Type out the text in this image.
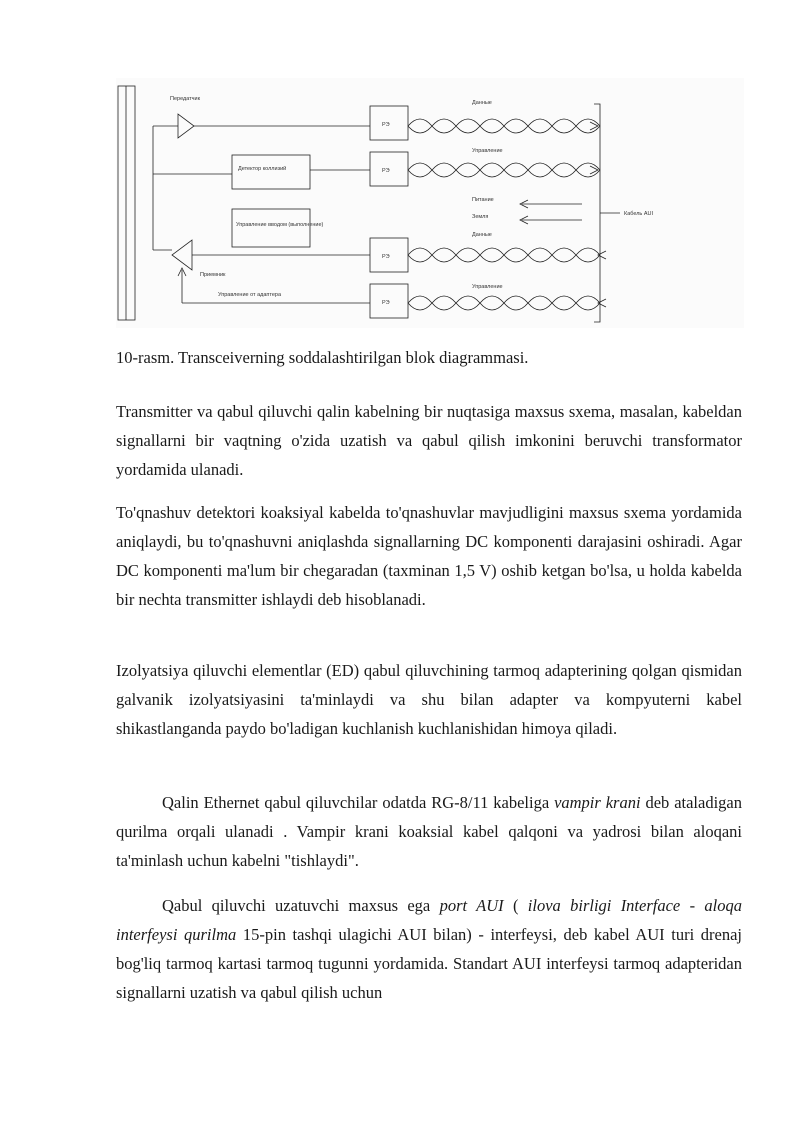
Передатчик
Детектор коллизий
Управление вводом (выполнение)
Приемник
Управление от адаптера
Данные
Управление
Питание
Земля
Данные
Управление
РЭ
РЭ
РЭ
РЭ
Кабель AUI

10-rasm. Transceiverning soddalashtirilgan blok diagrammasi.

Transmitter va qabul qiluvchi qalin kabelning bir nuqtasiga maxsus sxema, masalan, kabeldan signallarni bir vaqtning o'zida uzatish va qabul qilish imkonini beruvchi transformator yordamida ulanadi.

To'qnashuv detektori koaksiyal kabelda to'qnashuvlar mavjudligini maxsus sxema yordamida aniqlaydi, bu to'qnashuvni aniqlashda signallarning DC komponenti darajasini oshiradi. Agar DC komponenti ma'lum bir chegaradan (taxminan 1,5 V) oshib ketgan bo'lsa, u holda kabelda bir nechta transmitter ishlaydi deb hisoblanadi.

Izolyatsiya qiluvchi elementlar (ED) qabul qiluvchining tarmoq adapterining qolgan qismidan galvanik izolyatsiyasini ta'minlaydi va shu bilan adapter va kompyuterni kabel shikastlanganda paydo bo'ladigan kuchlanish kuchlanishidan himoya qiladi.

Qalin Ethernet qabul qiluvchilar odatda RG-8/11 kabeliga vampir krani deb ataladigan qurilma orqali ulanadi . Vampir krani koaksial kabel qalqoni va yadrosi bilan aloqani ta'minlash uchun kabelni "tishlaydi".

Qabul qiluvchi uzatuvchi maxsus ega port AUI ( ilova birligi Interface - aloqa interfeysi qurilma 15-pin tashqi ulagichi AUI bilan) - interfeysi, deb kabel AUI turi drenaj bog'liq tarmoq kartasi tarmoq tugunni yordamida. Standart AUI interfeysi tarmoq adapteridan signallarni uzatish va qabul qilish uchun
